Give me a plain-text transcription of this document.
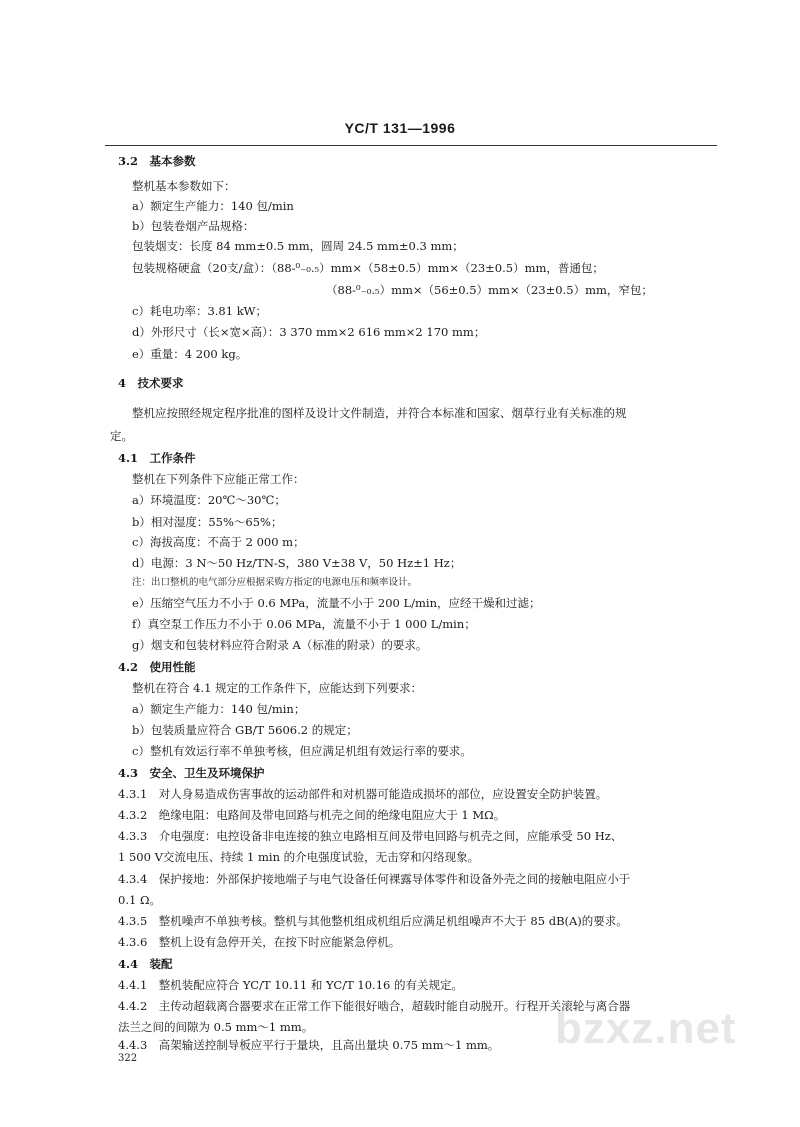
YC/T 131—1996
3.2　基本参数
整机基本参数如下：
a）额定生产能力：140 包/min
b）包装卷烟产品规格：
包装烟支：长度 84 mm±0.5 mm，圆周 24.5 mm±0.3 mm；
包装规格硬盒（20支/盒）：（88-⁰₋₀.₅）mm×（58±0.5）mm×（23±0.5）mm，普通包；
（88-⁰₋₀.₅）mm×（56±0.5）mm×（23±0.5）mm，窄包；
c）耗电功率：3.81 kW；
d）外形尺寸（长×宽×高）：3 370 mm×2 616 mm×2 170 mm；
e）重量：4 200 kg。
4　技术要求
整机应按照经规定程序批准的图样及设计文件制造，并符合本标准和国家、烟草行业有关标准的规
定。
4.1　工作条件
整机在下列条件下应能正常工作：
a）环境温度：20℃～30℃；
b）相对湿度：55%～65%；
c）海拔高度：不高于 2 000 m；
d）电源：3 N～50 Hz/TN-S，380 V±38 V，50 Hz±1 Hz；
注：出口整机的电气部分应根据采购方指定的电源电压和频率设计。
e）压缩空气压力不小于 0.6 MPa，流量不小于 200 L/min，应经干燥和过滤；
f）真空泵工作压力不小于 0.06 MPa，流量不小于 1 000 L/min；
g）烟支和包装材料应符合附录 A（标准的附录）的要求。
4.2　使用性能
整机在符合 4.1 规定的工作条件下，应能达到下列要求：
a）额定生产能力：140 包/min；
b）包装质量应符合 GB/T 5606.2 的规定；
c）整机有效运行率不单独考核，但应满足机组有效运行率的要求。
4.3　安全、卫生及环境保护
4.3.1　对人身易造成伤害事故的运动部件和对机器可能造成损坏的部位，应设置安全防护装置。
4.3.2　绝缘电阻：电路间及带电回路与机壳之间的绝缘电阻应大于 1 MΩ。
4.3.3　介电强度：电控设备非电连接的独立电路相互间及带电回路与机壳之间，应能承受 50 Hz、
1 500 V交流电压、持续 1 min 的介电强度试验，无击穿和闪络现象。
4.3.4　保护接地：外部保护接地端子与电气设备任何裸露导体零件和设备外壳之间的接触电阻应小于
0.1 Ω。
4.3.5　整机噪声不单独考核。整机与其他整机组成机组后应满足机组噪声不大于 85 dB(A)的要求。
4.3.6　整机上设有急停开关，在按下时应能紧急停机。
4.4　装配
4.4.1　整机装配应符合 YC/T 10.11 和 YC/T 10.16 的有关规定。
4.4.2　主传动超载离合器要求在正常工作下能很好啮合，超载时能自动脱开。行程开关滚轮与离合器
法兰之间的间隙为 0.5 mm～1 mm。	bzxz.net
4.4.3　高架输送控制导板应平行于量块，且高出量块 0.75 mm～1 mm。
322
